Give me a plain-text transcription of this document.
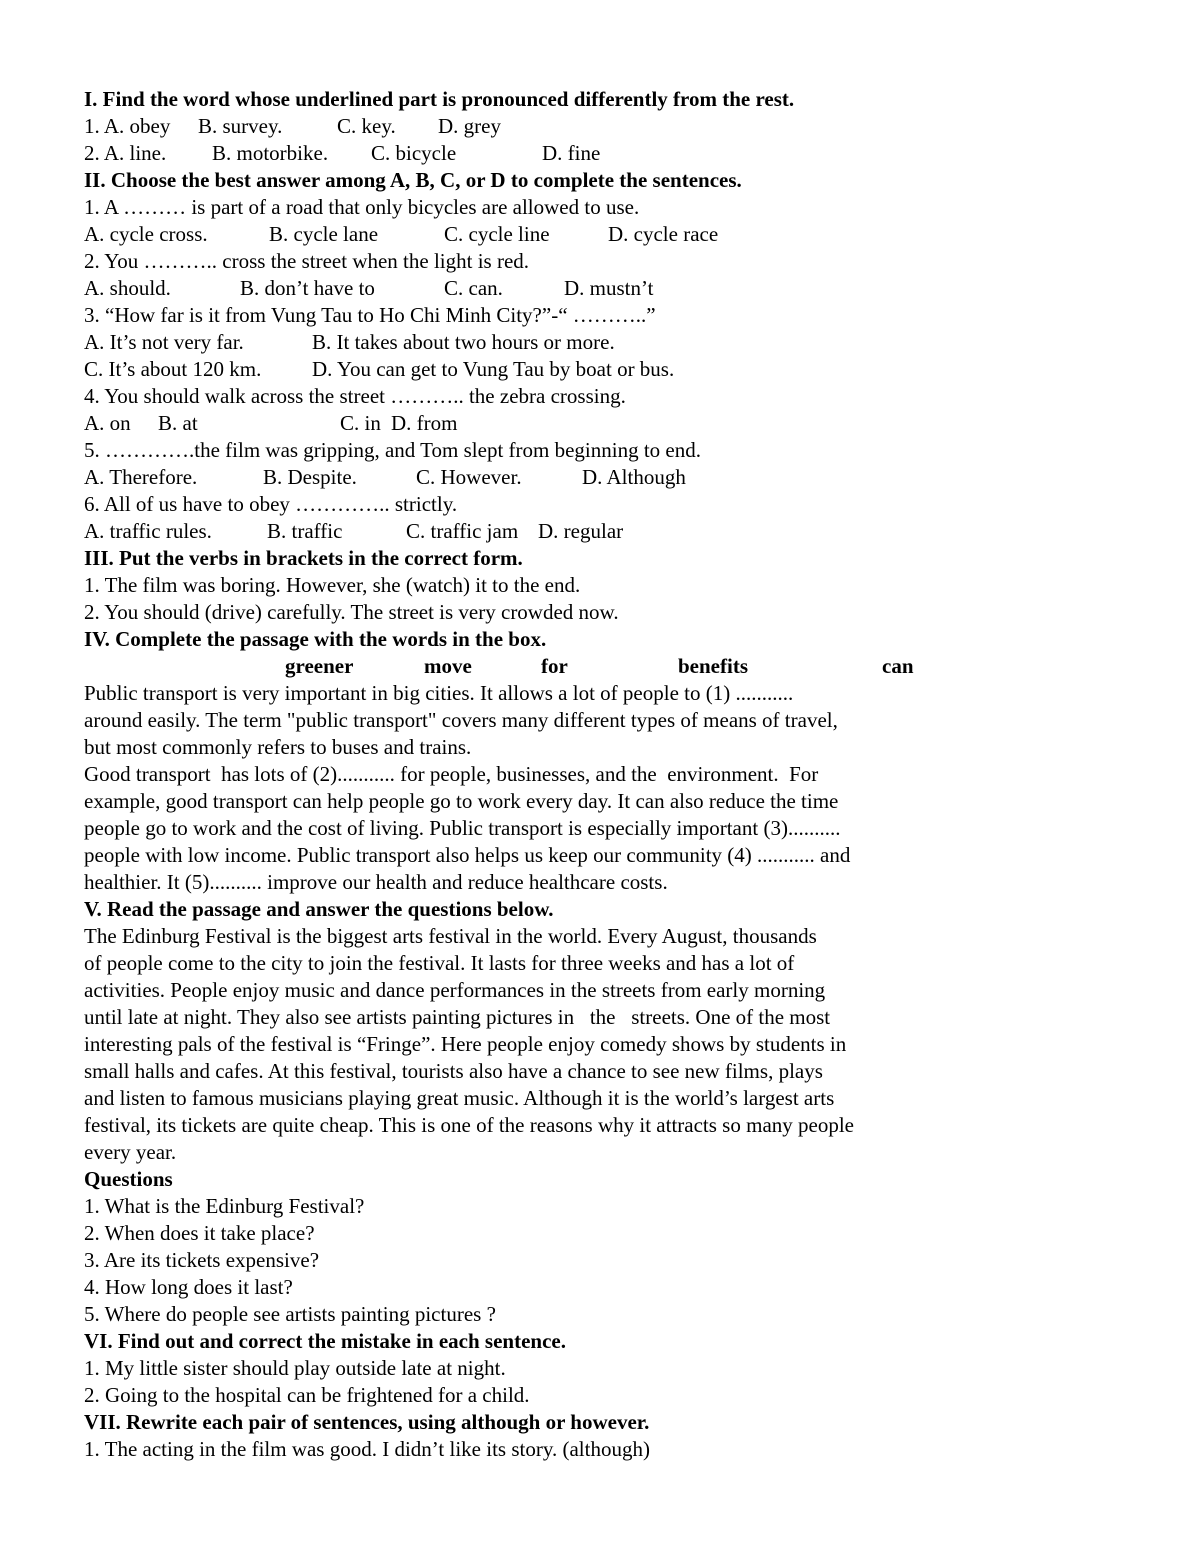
I. Find the word whose underlined part is pronounced differently from the rest.

1. A. obey

B. survey.

	C. key.

D. grey

2. A. line.

B. motorbike.

C. bicycle

	D. fine

II. Choose the best answer among A, B, C, or D to complete the sentences.
1. A ……… is part of a road that only bicycles are allowed to use.

A. cycle cross.

	B. cycle lane

	C. cycle line

	D. cycle race

2. You ……….. cross the street when the light is red.

A. should.

	B. don’t have to

	C. can.

	D. mustn’t

3. “How far is it from Vung Tau to Ho Chi Minh City?”-“ ………..”

A. It’s not very far.

	B. It takes about two hours or more.

C. It’s about 120 km.

D. You can get to Vung Tau by boat or bus.

4. You should walk across the street ……….. the zebra crossing.

A. on

B. at

	C. in

D. from

5. ………….the film was gripping, and Tom slept from beginning to end.

A. Therefore.

	B. Despite.

	C. However.

	D. Although

6. All of us have to obey ………….. strictly.

A. traffic rules.

	B. traffic

	C. traffic jam

D. regular

III. Put the verbs in brackets in the correct form.
1. The film was boring. However, she (watch) it to the end.
2. You should (drive) carefully. The street is very crowded now.
IV. Complete the passage with the words in the box.

greener

	move

	for

	benefits

	can

Public transport is very important in big cities. It allows a lot of people to (1) ...........
around easily. The term "public transport" covers many different types of means of travel,
but most commonly refers to buses and trains.
Good transport  has lots of (2)........... for people, businesses, and the  environment.  For
example, good transport can help people go to work every day. It can also reduce the time
people go to work and the cost of living. Public transport is especially important (3)..........
people with low income. Public transport also helps us keep our community (4) ........... and
healthier. It (5).......... improve our health and reduce healthcare costs.
V. Read the passage and answer the questions below.
The Edinburg Festival is the biggest arts festival in the world. Every August, thousands
of people come to the city to join the festival. It lasts for three weeks and has a lot of
activities. People enjoy music and dance performances in the streets from early morning
until late at night. They also see artists painting pictures in   the   streets. One of the most
interesting pals of the festival is “Fringe”. Here people enjoy comedy shows by students in
small halls and cafes. At this festival, tourists also have a chance to see new films, plays
and listen to famous musicians playing great music. Although it is the world’s largest arts
festival, its tickets are quite cheap. This is one of the reasons why it attracts so many people
every year.
Questions
1. What is the Edinburg Festival?
2. When does it take place?
3. Are its tickets expensive?
4. How long does it last?
5. Where do people see artists painting pictures ?
VI. Find out and correct the mistake in each sentence.
1. My little sister should play outside late at night.
2. Going to the hospital can be frightened for a child.
VII. Rewrite each pair of sentences, using although or however.
1. The acting in the film was good. I didn’t like its story. (although)
